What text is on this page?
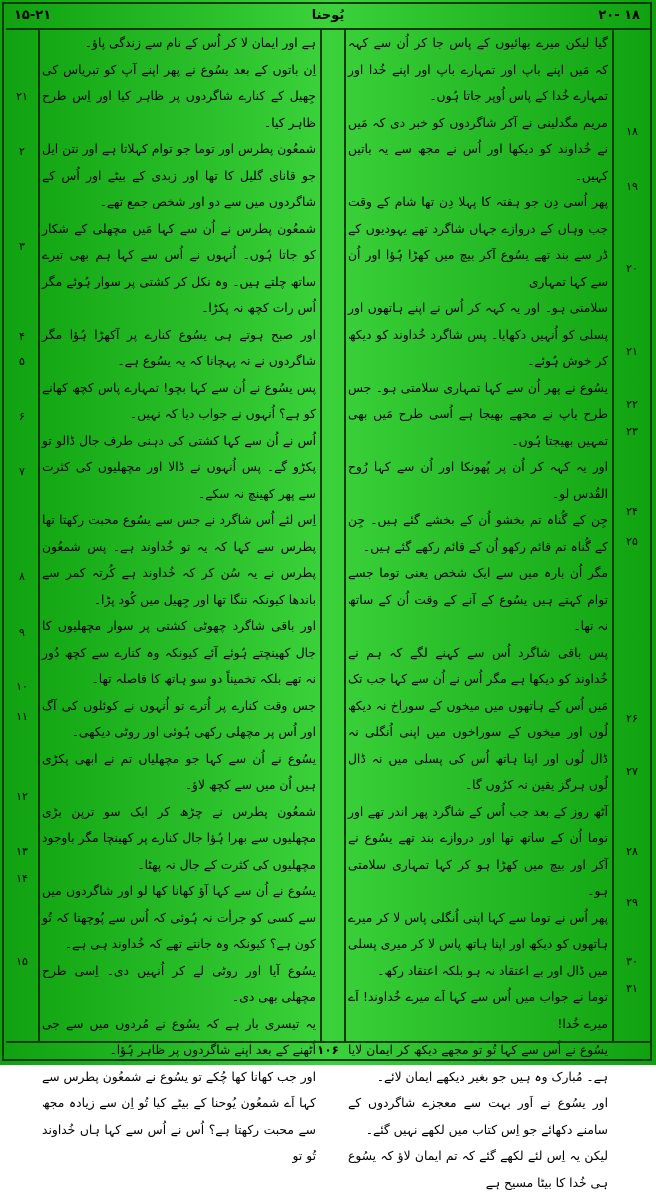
۱۵-۲۱	یُوحنا	۲۰- ۱۸
۲۱
۲
۳
۴
۵
۶
۷
۸
۹
۱۰
۱۱
۱۲
۱۳
۱۴
۱۵
ہے اور ایمان لا کر اُس کے نام سے زندگی پاؤ۔
اِن باتوں کے بعد یسُوع نے پھر اپنے آپ کو تبریاس کی جِھیل کے کنارے شاگردوں پر ظاہر کیا اور اِس طرح ظاہر کیا۔
شمعُون پطرس اور توما جو توام کہلاتا ہے اور نتن ایل جو قانای گلیل کا تھا اور زبدی کے بیٹے اور اُس کے شاگردوں میں سے دو اور شخص جمع تھے۔
شمعُون پطرس نے اُن سے کہا مَیں مچھلی کے شکار کو جاتا ہُوں۔ اُنہوں نے اُس سے کہا ہم بھی تیرے ساتھ چلتے ہیں۔ وہ نکل کر کشتی پر سوار ہُوئے مگر اُس رات کچھ نہ پکڑا۔
اور صبح ہوتے ہی یسُوع کنارے پر آکھڑا ہُؤا مگر شاگردوں نے نہ پہچانا کہ یہ یسُوع ہے۔
پس یسُوع نے اُن سے کہا بچو! تمہارے پاس کچھ کھانے کو ہے؟ اُنہوں نے جواب دیا کہ نہیں۔
اُس نے اُن سے کہا کشتی کی دہنی طرف جال ڈالو تو پکڑو گے۔ پس اُنہوں نے ڈالا اور مچھلیوں کی کثرت سے پھر کھینچ نہ سکے۔
اِس لئے اُس شاگرد نے جس سے یسُوع محبت رکھتا تھا پطرس سے کہا کہ یہ تو خُداوند ہے۔ پس شمعُون پطرس نے یہ سُن کر کہ خُداوند ہے کُرتہ کمر سے باندھا کیونکہ ننگا تھا اور جِھیل میں کُود پڑا۔
اور باقی شاگرد چھوٹی کشتی پر سوار مچھلیوں کا جال کھینچتے ہُوئے آئے کیونکہ وہ کنارے سے کچھ دُور نہ تھے بلکہ تخمیناً دو سو ہاتھ کا فاصلہ تھا۔
جس وقت کنارے پر اُترے تو اُنہوں نے کوئلوں کی آگ اور اُس پر مچھلی رکھی ہُوئی اور روٹی دیکھی۔
یسُوع نے اُن سے کہا جو مچھلیاں تم نے ابھی پکڑی ہیں اُن میں سے کچھ لاؤ۔
شمعُون پطرس نے چڑھ کر ایک سو ترپن بڑی مچھلیوں سے بھرا ہُؤا جال کنارے پر کھینچا مگر باوجود مچھلیوں کی کثرت کے جال نہ پھٹا۔
یسُوع نے اُن سے کہا آؤ کھانا کھا لو اور شاگردوں میں سے کسی کو جرأت نہ ہُوئی کہ اُس سے پُوچھتا کہ تُو کون ہے؟ کیونکہ وہ جانتے تھے کہ خُداوند ہی ہے۔
یسُوع آیا اور روٹی لے کر اُنہیں دی۔ اِسی طرح مچھلی بھی دی۔
یہ تیسری بار ہے کہ یسُوع نے مُردوں میں سے جی اُٹھنے کے بعد اپنے شاگردوں پر ظاہر ہُؤا۔
اور جب کھانا کھا چُکے تو یسُوع نے شمعُون پطرس سے کہا اَے شمعُون یُوحنا کے بیٹے کیا تُو اِن سے زیادہ مجھ سے محبت رکھتا ہے؟ اُس نے اُس سے کہا ہاں خُداوند تُو تو
گیا لیکن میرے بھائیوں کے پاس جا کر اُن سے کہہ کہ مَیں اپنے باپ اور تمہارے باپ اور اپنے خُدا اور تمہارے خُدا کے پاس اُوپر جاتا ہُوں۔
مریم مگدلینی نے آکر شاگردوں کو خبر دی کہ مَیں نے خُداوند کو دیکھا اور اُس نے مجھ سے یہ باتیں کہیں۔
پھر اُسی دِن جو ہفتہ کا پہلا دِن تھا شام کے وقت جب وہاں کے دروازے جہاں شاگرد تھے یہودیوں کے ڈر سے بند تھے یسُوع آکر بیچ میں کھڑا ہُؤا اور اُن سے کہا تمہاری
سلامتی ہو۔ اور یہ کہہ کر اُس نے اپنے ہاتھوں اور پسلی کو اُنہیں دکھایا۔ پس شاگرد خُداوند کو دیکھ کر خوش ہُوئے۔
یسُوع نے پھر اُن سے کہا تمہاری سلامتی ہو۔ جس طرح باپ نے مجھے بھیجا ہے اُسی طرح مَیں بھی تمہیں بھیجتا ہُوں۔
اور یہ کہہ کر اُن پر پُھونکا اور اُن سے کہا رُوح القُدس لو۔
جِن کے گُناہ تم بخشو اُن کے بخشے گئے ہیں۔ جِن کے گُناہ تم قائم رکھو اُن کے قائم رکھے گئے ہیں۔
مگر اُن بارہ میں سے ایک شخص یعنی توما جسے توام کہتے ہیں یسُوع کے آنے کے وقت اُن کے ساتھ نہ تھا۔
پس باقی شاگرد اُس سے کہنے لگے کہ ہم نے خُداوند کو دیکھا ہے مگر اُس نے اُن سے کہا جب تک مَیں اُس کے ہاتھوں میں میخوں کے سوراخ نہ دیکھ لُوں اور میخوں کے سوراخوں میں اپنی اُنگلی نہ ڈال لُوں اور اپنا ہاتھ اُس کی پسلی میں نہ ڈال لُوں ہرگز یقین نہ کرُوں گا۔
آٹھ روز کے بعد جب اُس کے شاگرد پھر اندر تھے اور توما اُن کے ساتھ تھا اور دروازے بند تھے یسُوع نے آکر اور بیچ میں کھڑا ہو کر کہا تمہاری سلامتی ہو۔
پھر اُس نے توما سے کہا اپنی اُنگلی پاس لا کر میرے ہاتھوں کو دیکھ اور اپنا ہاتھ پاس لا کر میری پسلی میں ڈال اور بے اعتقاد نہ ہو بلکہ اعتقاد رکھ۔
توما نے جواب میں اُس سے کہا اَے میرے خُداوند! اَے میرے خُدا!
یسُوع نے اُس سے کہا تُو تو مجھے دیکھ کر ایمان لایا ہے۔ مُبارک وہ ہیں جو بغیر دیکھے ایمان لائے۔
اور یسُوع نے اَور بہت سے معجزے شاگردوں کے سامنے دکھائے جو اِس کتاب میں لکھے نہیں گئے۔
لیکن یہ اِس لئے لکھے گئے کہ تم ایمان لاؤ کہ یسُوع ہی خُدا کا بیٹا مسیح ہے
۱۸
۱۹
۲۰
۲۱
۲۲
۲۳
۲۴
۲۵
۲۶
۲۷
۲۸
۲۹
۳۰
۳۱
۱۰۶
